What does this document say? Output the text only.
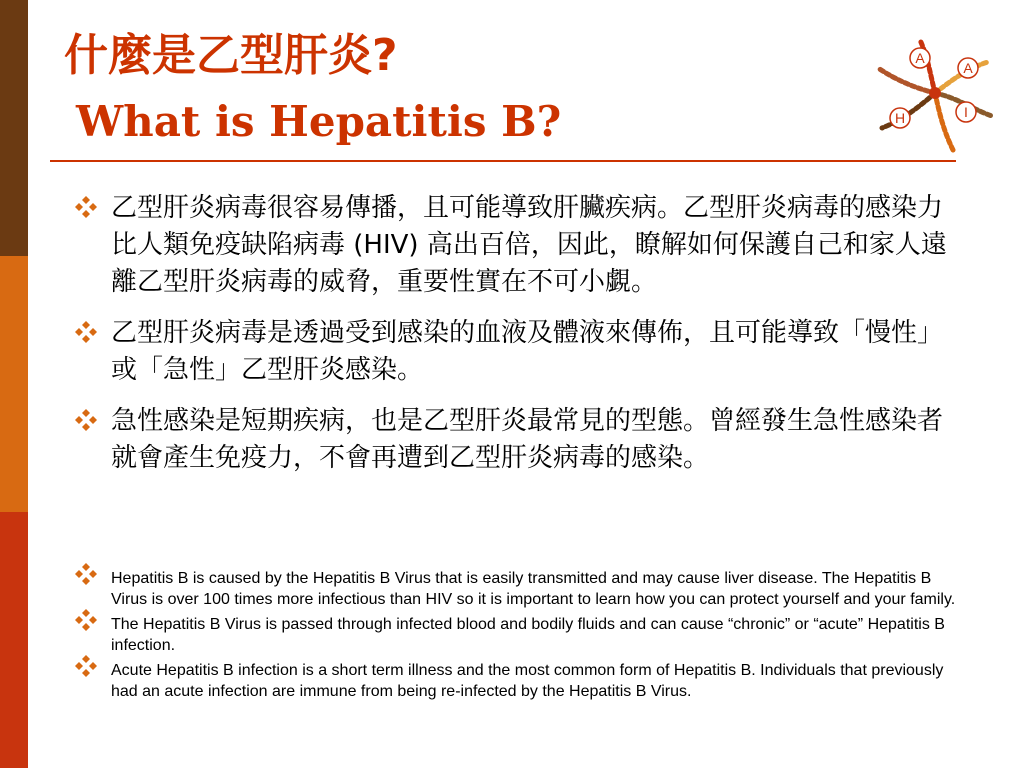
什麼是乙型肝炎?
What is Hepatitis B?
A
A
H	I
乙型肝炎病毒很容易傳播，且可能導致肝臟疾病。乙型肝炎病毒的感染力比人類免疫缺陷病毒 (HIV) 高出百倍，因此，瞭解如何保護自己和家人遠離乙型肝炎病毒的威脅，重要性實在不可小覷。
乙型肝炎病毒是透過受到感染的血液及體液來傳佈，且可能導致「慢性」或「急性」乙型肝炎感染。
急性感染是短期疾病，也是乙型肝炎最常見的型態。曾經發生急性感染者就會產生免疫力，不會再遭到乙型肝炎病毒的感染。
Hepatitis B is caused by the Hepatitis B Virus that is easily transmitted and may cause liver disease. The Hepatitis B Virus is over 100 times more infectious than HIV so it is important to learn how you can protect yourself and your family.
The Hepatitis B Virus is passed through infected blood and bodily fluids and can cause “chronic” or “acute” Hepatitis B infection.
Acute Hepatitis B infection is a short term illness and the most common form of Hepatitis B. Individuals that previously had an acute infection are immune from being re-infected by the Hepatitis B Virus.
